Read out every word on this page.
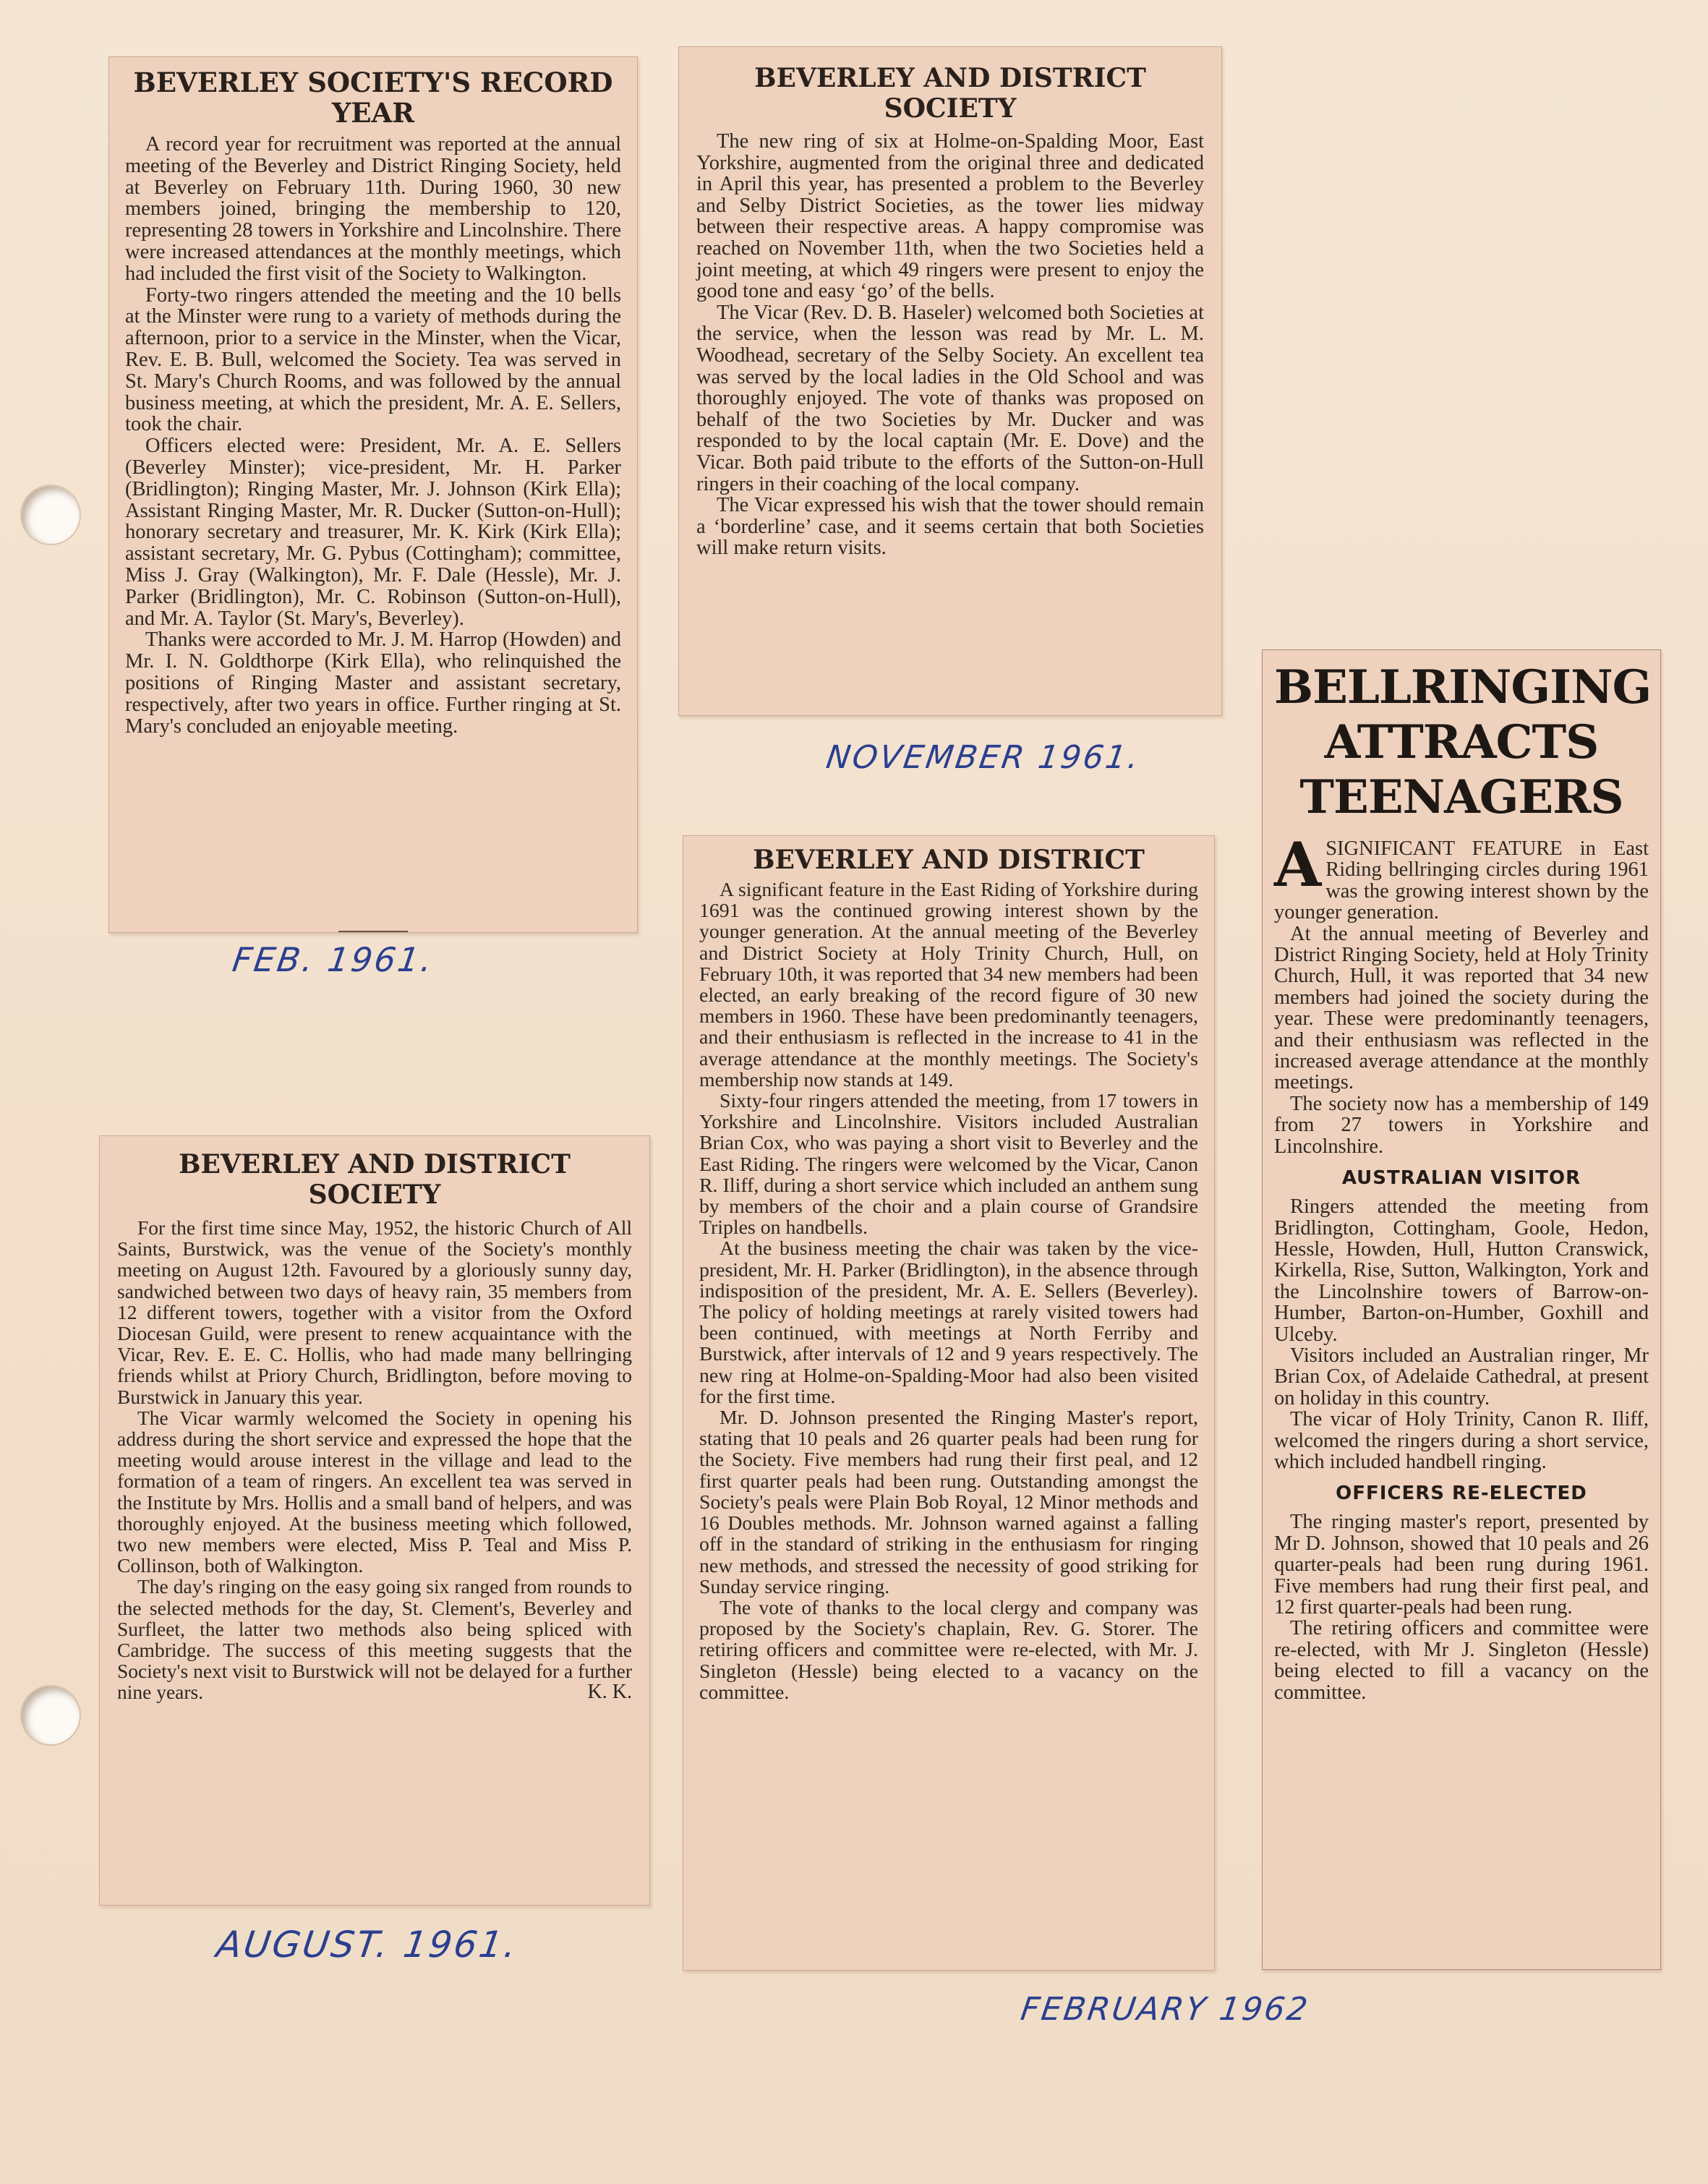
BEVERLEY SOCIETY'S RECORD YEAR

A record year for recruitment was reported at the annual meeting of the Beverley and District Ringing Society, held at Beverley on February 11th. During 1960, 30 new members joined, bringing the membership to 120, representing 28 towers in Yorkshire and Lincolnshire. There were increased attendances at the monthly meetings, which had included the first visit of the Society to Walkington.

Forty-two ringers attended the meeting and the 10 bells at the Minster were rung to a variety of methods during the afternoon, prior to a service in the Minster, when the Vicar, Rev. E. B. Bull, welcomed the Society. Tea was served in St. Mary's Church Rooms, and was followed by the annual business meeting, at which the president, Mr. A. E. Sellers, took the chair.

Officers elected were: President, Mr. A. E. Sellers (Beverley Minster); vice-president, Mr. H. Parker (Bridlington); Ringing Master, Mr. J. Johnson (Kirk Ella); Assistant Ringing Master, Mr. R. Ducker (Sutton-on-Hull); honorary secretary and treasurer, Mr. K. Kirk (Kirk Ella); assistant secretary, Mr. G. Pybus (Cottingham); committee, Miss J. Gray (Walkington), Mr. F. Dale (Hessle), Mr. J. Parker (Bridlington), Mr. C. Robinson (Sutton-on-Hull), and Mr. A. Taylor (St. Mary's, Beverley).

Thanks were accorded to Mr. J. M. Harrop (Howden) and Mr. I. N. Goldthorpe (Kirk Ella), who relinquished the positions of Ringing Master and assistant secretary, respectively, after two years in office. Further ringing at St. Mary's concluded an enjoyable meeting.

FEB. 1961.
BEVERLEY AND DISTRICT SOCIETY

The new ring of six at Holme-on-Spalding Moor, East Yorkshire, augmented from the original three and dedicated in April this year, has presented a problem to the Beverley and Selby District Societies, as the tower lies midway between their respective areas. A happy compromise was reached on November 11th, when the two Societies held a joint meeting, at which 49 ringers were present to enjoy the good tone and easy ‘go’ of the bells.

The Vicar (Rev. D. B. Haseler) welcomed both Societies at the service, when the lesson was read by Mr. L. M. Woodhead, secretary of the Selby Society. An excellent tea was served by the local ladies in the Old School and was thoroughly enjoyed. The vote of thanks was proposed on behalf of the two Societies by Mr. Ducker and was responded to by the local captain (Mr. E. Dove) and the Vicar. Both paid tribute to the efforts of the Sutton-on-Hull ringers in their coaching of the local company.

The Vicar expressed his wish that the tower should remain a ‘borderline’ case, and it seems certain that both Societies will make return visits.

NOVEMBER 1961.
BEVERLEY AND DISTRICT SOCIETY

For the first time since May, 1952, the historic Church of All Saints, Burstwick, was the venue of the Society's monthly meeting on August 12th. Favoured by a gloriously sunny day, sandwiched between two days of heavy rain, 35 members from 12 different towers, together with a visitor from the Oxford Diocesan Guild, were present to renew acquaintance with the Vicar, Rev. E. E. C. Hollis, who had made many bellringing friends whilst at Priory Church, Bridlington, before moving to Burstwick in January this year.

The Vicar warmly welcomed the Society in opening his address during the short service and expressed the hope that the meeting would arouse interest in the village and lead to the formation of a team of ringers. An excellent tea was served in the Institute by Mrs. Hollis and a small band of helpers, and was thoroughly enjoyed. At the business meeting which followed, two new members were elected, Miss P. Teal and Miss P. Collinson, both of Walkington.

The day's ringing on the easy going six ranged from rounds to the selected methods for the day, St. Clement's, Beverley and Surfleet, the latter two methods also being spliced with Cambridge. The success of this meeting suggests that the Society's next visit to Burstwick will not be delayed for a further nine years.	K. K.
AUGUST. 1961.
BEVERLEY AND DISTRICT

A significant feature in the East Riding of Yorkshire during 1691 was the continued growing interest shown by the younger generation. At the annual meeting of the Beverley and District Society at Holy Trinity Church, Hull, on February 10th, it was reported that 34 new members had been elected, an early breaking of the record figure of 30 new members in 1960. These have been predominantly teenagers, and their enthusiasm is reflected in the increase to 41 in the average attendance at the monthly meetings. The Society's membership now stands at 149.

Sixty-four ringers attended the meeting, from 17 towers in Yorkshire and Lincolnshire. Visitors included Australian Brian Cox, who was paying a short visit to Beverley and the East Riding. The ringers were welcomed by the Vicar, Canon R. Iliff, during a short service which included an anthem sung by members of the choir and a plain course of Grandsire Triples on handbells.

At the business meeting the chair was taken by the vice-president, Mr. H. Parker (Bridlington), in the absence through indisposition of the president, Mr. A. E. Sellers (Beverley). The policy of holding meetings at rarely visited towers had been continued, with meetings at North Ferriby and Burstwick, after intervals of 12 and 9 years respectively. The new ring at Holme-on-Spalding-Moor had also been visited for the first time.

Mr. D. Johnson presented the Ringing Master's report, stating that 10 peals and 26 quarter peals had been rung for the Society. Five members had rung their first peal, and 12 first quarter peals had been rung. Outstanding amongst the Society's peals were Plain Bob Royal, 12 Minor methods and 16 Doubles methods. Mr. Johnson warned against a falling off in the standard of striking in the enthusiasm for ringing new methods, and stressed the necessity of good striking for Sunday service ringing.

The vote of thanks to the local clergy and company was proposed by the Society's chaplain, Rev. G. Storer. The retiring officers and committee were re-elected, with Mr. J. Singleton (Hessle) being elected to a vacancy on the committee.

FEBRUARY 1962
BELLRINGING ATTRACTS TEENAGERS

ASIGNIFICANT FEATURE in East Riding bellringing circles during 1961 was the growing interest shown by the younger generation.

At the annual meeting of Beverley and District Ringing Society, held at Holy Trinity Church, Hull, it was reported that 34 new members had joined the society during the year. These were predominantly teenagers, and their enthusiasm was reflected in the increased average attendance at the monthly meetings.

The society now has a membership of 149 from 27 towers in Yorkshire and Lincolnshire.

AUSTRALIAN VISITOR

Ringers attended the meeting from Bridlington, Cottingham, Goole, Hedon, Hessle, Howden, Hull, Hutton Cranswick, Kirkella, Rise, Sutton, Walkington, York and the Lincolnshire towers of Barrow-on-Humber, Barton-on-Humber, Goxhill and Ulceby.

Visitors included an Australian ringer, Mr Brian Cox, of Adelaide Cathedral, at present on holiday in this country.

The vicar of Holy Trinity, Canon R. Iliff, welcomed the ringers during a short service, which included handbell ringing.

OFFICERS RE-ELECTED

The ringing master's report, presented by Mr D. Johnson, showed that 10 peals and 26 quarter-peals had been rung during 1961. Five members had rung their first peal, and 12 first quarter-peals had been rung.

The retiring officers and committee were re-elected, with Mr J. Singleton (Hessle) being elected to fill a vacancy on the committee.
